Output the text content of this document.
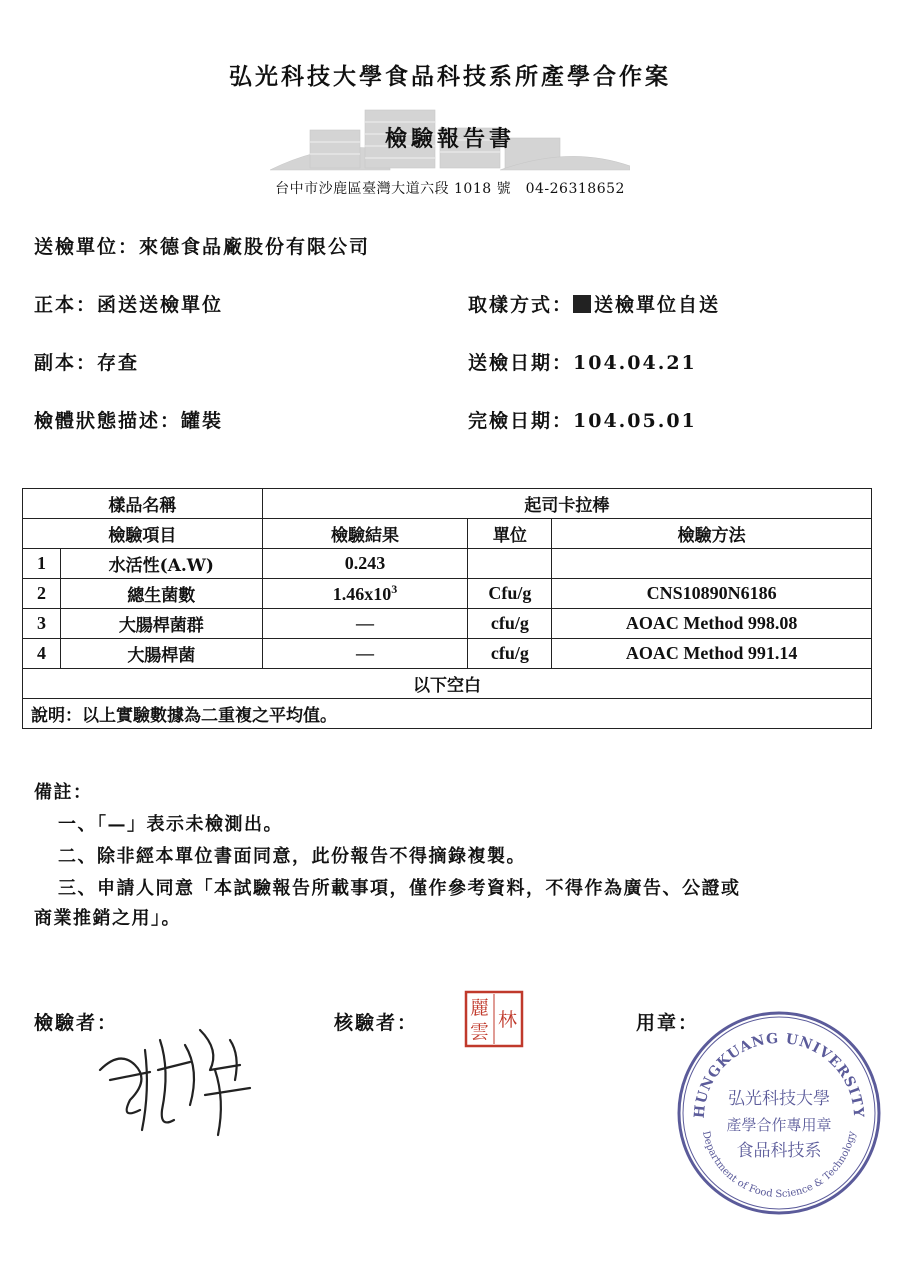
弘光科技大學食品科技系所產學合作案
檢驗報告書
台中市沙鹿區臺灣大道六段 1018 號　04-26318652
送檢單位：來德食品廠股份有限公司
正本：函送送檢單位
副本：存查
檢體狀態描述：罐裝
取樣方式： 送檢單位自送
送檢日期：104.04.21
完檢日期：104.05.01
樣品名稱		起司卡拉棒		
檢驗項目		檢驗結果	單位	檢驗方法
1	水活性(A.W)	0.243		
2	總生菌數	$1.46x10^3$	Cfu/g	CNS10890N6186
3	大腸桿菌群	—	cfu/g	AOAC Method 998.08
4	大腸桿菌	—	cfu/g	AOAC Method 991.14
以下空白				
說明：以上實驗數據為二重複之平均值。				
備註：
一、「—」表示未檢測出。
二、除非經本單位書面同意，此份報告不得摘錄複製。
三、申請人同意「本試驗報告所載事項，僅作參考資料，不得作為廣告、公證或
商業推銷之用」。
檢驗者：	核驗者：	用章：
麗
林
雲
HUNGKUANG UNIVERSITY
Department of Food Science & Technology
弘光科技大學
產學合作專用章
食品科技系
